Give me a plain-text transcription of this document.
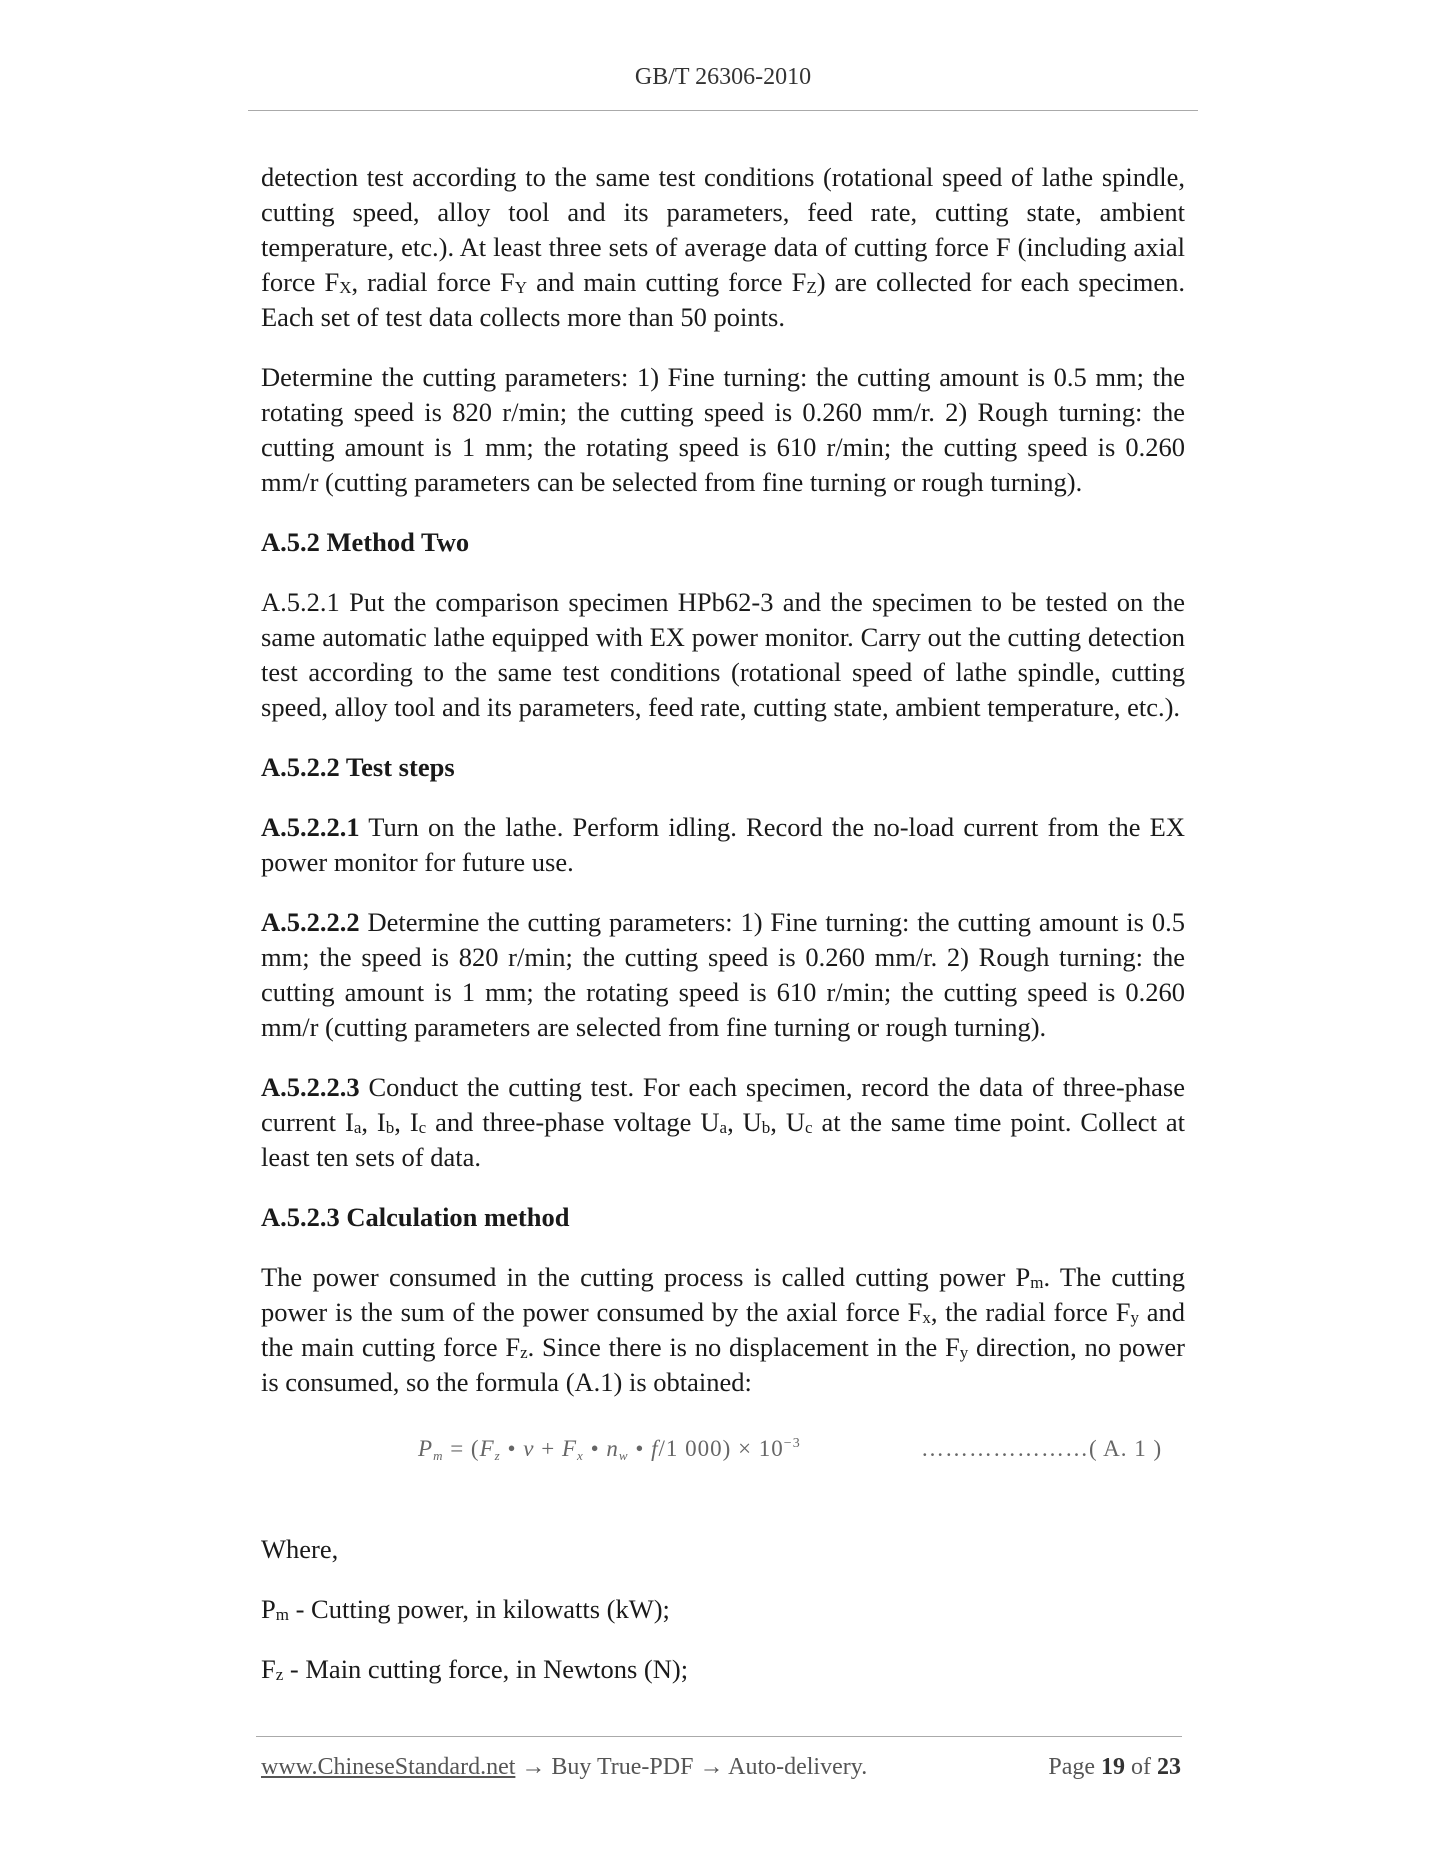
GB/T 26306-2010

detection test according to the same test conditions (rotational speed of lathe spindle, cutting speed, alloy tool and its parameters, feed rate, cutting state, ambient temperature, etc.). At least three sets of average data of cutting force F (including axial force $F_X$, radial force $F_Y$ and main cutting force $F_Z$) are collected for each specimen. Each set of test data collects more than 50 points.

Determine the cutting parameters: 1) Fine turning: the cutting amount is 0.5 mm; the rotating speed is 820 r/min; the cutting speed is 0.260 mm/r. 2) Rough turning: the cutting amount is 1 mm; the rotating speed is 610 r/min; the cutting speed is 0.260 mm/r (cutting parameters can be selected from fine turning or rough turning).

A.5.2 Method Two

A.5.2.1 Put the comparison specimen HPb62-3 and the specimen to be tested on the same automatic lathe equipped with EX power monitor. Carry out the cutting detection test according to the same test conditions (rotational speed of lathe spindle, cutting speed, alloy tool and its parameters, feed rate, cutting state, ambient temperature, etc.).

A.5.2.2 Test steps

A.5.2.2.1 Turn on the lathe. Perform idling. Record the no-load current from the EX power monitor for future use.

A.5.2.2.2 Determine the cutting parameters: 1) Fine turning: the cutting amount is 0.5 mm; the speed is 820 r/min; the cutting speed is 0.260 mm/r. 2) Rough turning: the cutting amount is 1 mm; the rotating speed is 610 r/min; the cutting speed is 0.260 mm/r (cutting parameters are selected from fine turning or rough turning).

A.5.2.2.3 Conduct the cutting test. For each specimen, record the data of three-phase current $I_a$, $I_b$, $I_c$ and three-phase voltage $U_a$, $U_b$, $U_c$ at the same time point. Collect at least ten sets of data.

A.5.2.3 Calculation method

The power consumed in the cutting process is called cutting power $P_m$. The cutting power is the sum of the power consumed by the axial force $F_x$, the radial force $F_y$ and the main cutting force $F_z$. Since there is no displacement in the $F_y$ direction, no power is consumed, so the formula (A.1) is obtained:

$P_m = (F_z$ • $v + F_x$ • $n_w$ • f/1 $000) \times 10^{-3}$	…………………( A. 1 )

Where,

$P_m$ - Cutting power, in kilowatts (kW);

$F_z$ - Main cutting force, in Newtons (N);

www.ChineseStandard.net → Buy True-PDF → Auto-delivery.	Page 19 of 23
